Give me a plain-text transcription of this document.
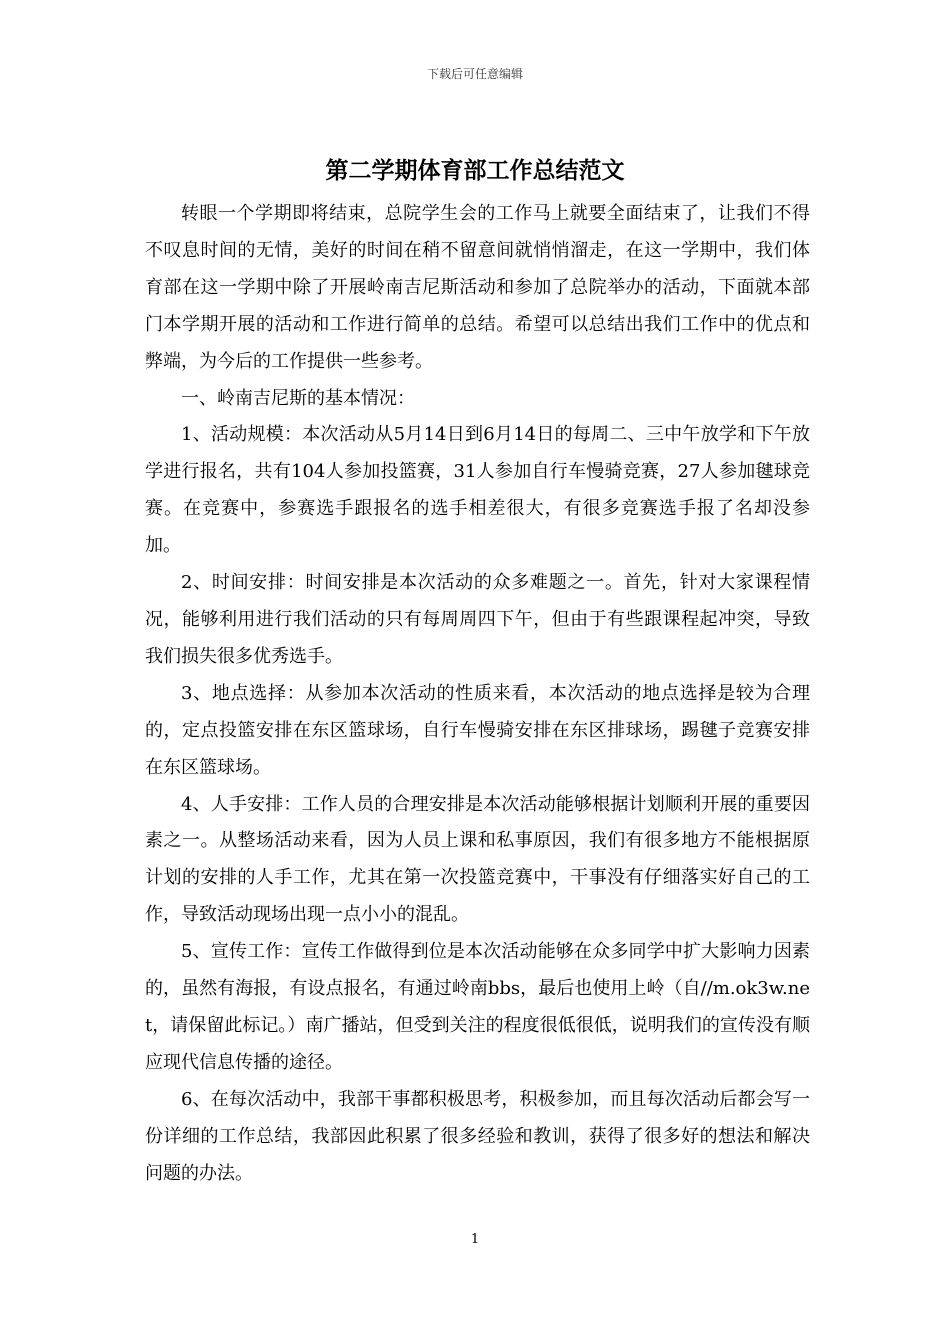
下载后可任意编辑
第二学期体育部工作总结范文

转眼一个学期即将结束，总院学生会的工作马上就要全面结束了，让我们不得不叹息时间的无情，美好的时间在稍不留意间就悄悄溜走，在这一学期中，我们体育部在这一学期中除了开展岭南吉尼斯活动和参加了总院举办的活动，下面就本部门本学期开展的活动和工作进行简单的总结。希望可以总结出我们工作中的优点和弊端，为今后的工作提供一些参考。

一、岭南吉尼斯的基本情况：

1、活动规模：本次活动从5月14日到6月14日的每周二、三中午放学和下午放学进行报名，共有104人参加投篮赛，31人参加自行车慢骑竞赛，27人参加毽球竞赛。在竞赛中，参赛选手跟报名的选手相差很大，有很多竞赛选手报了名却没参加。

2、时间安排：时间安排是本次活动的众多难题之一。首先，针对大家课程情况，能够利用进行我们活动的只有每周周四下午，但由于有些跟课程起冲突，导致我们损失很多优秀选手。

3、地点选择：从参加本次活动的性质来看，本次活动的地点选择是较为合理的，定点投篮安排在东区篮球场，自行车慢骑安排在东区排球场，踢毽子竞赛安排在东区篮球场。

4、人手安排：工作人员的合理安排是本次活动能够根据计划顺利开展的重要因素之一。从整场活动来看，因为人员上课和私事原因，我们有很多地方不能根据原计划的安排的人手工作，尤其在第一次投篮竞赛中，干事没有仔细落实好自己的工作，导致活动现场出现一点小小的混乱。

5、宣传工作：宣传工作做得到位是本次活动能够在众多同学中扩大影响力因素的，虽然有海报，有设点报名，有通过岭南bbs，最后也使用上岭（自//m.ok3w.net，请保留此标记。）南广播站，但受到关注的程度很低很低，说明我们的宣传没有顺应现代信息传播的途径。

6、在每次活动中，我部干事都积极思考，积极参加，而且每次活动后都会写一份详细的工作总结，我部因此积累了很多经验和教训，获得了很多好的想法和解决问题的办法。

1
